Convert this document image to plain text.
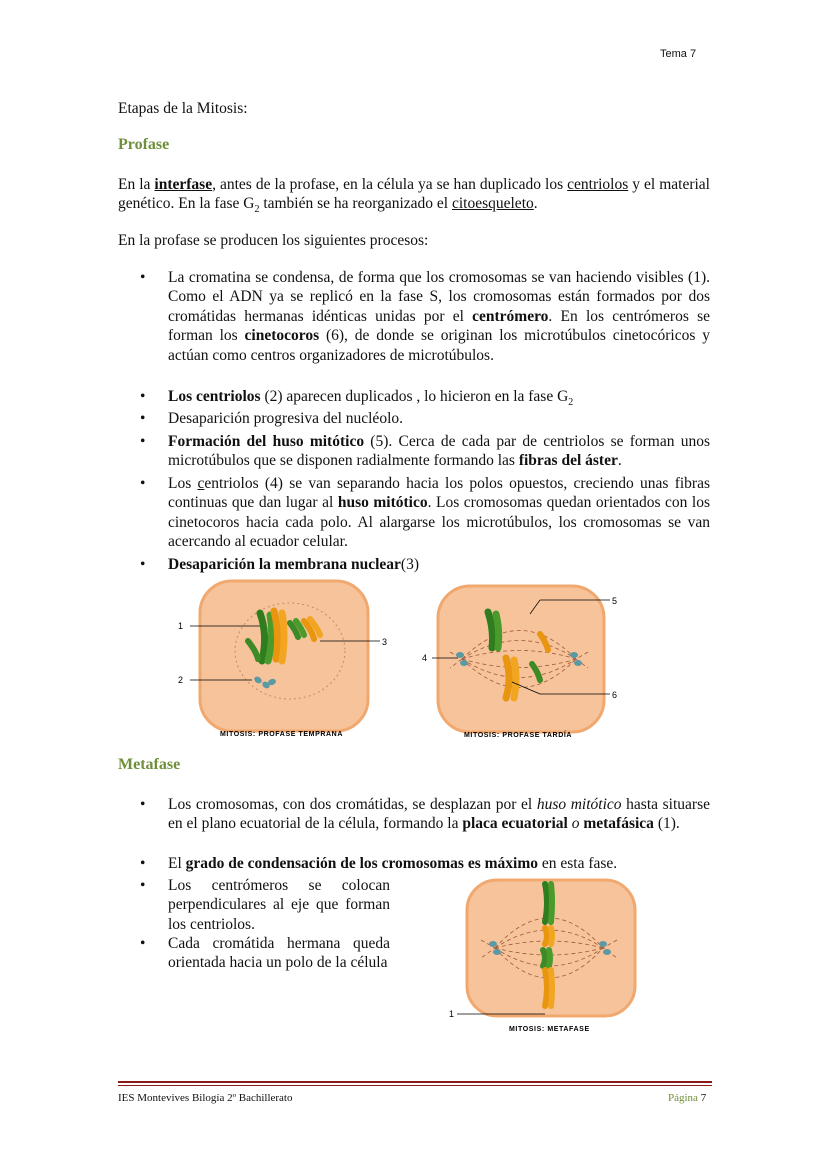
Tema 7
Etapas de la Mitosis:
Profase

En la interfase, antes de la profase, en la célula ya se han duplicado los centriolos y el material genético. En la fase $G_2$ también se ha reorganizado el citoesqueleto.

En la profase se producen los siguientes procesos:

• La cromatina se condensa, de forma que los cromosomas se van haciendo visibles (1). Como el ADN ya se replicó en la fase S, los cromosomas están formados por dos cromátidas hermanas idénticas unidas por el centrómero. En los centrómeros se forman los cinetocoros (6), de donde se originan los microtúbulos cinetocóricos y actúan como centros organizadores de microtúbulos.
• Los centriolos (2) aparecen duplicados , lo hicieron en la fase $G_2$
• Desaparición progresiva del nucléolo.
• Formación del huso mitótico (5). Cerca de cada par de centriolos se forman unos microtúbulos que se disponen radialmente formando las fibras del áster.
• Los centriolos (4) se van separando hacia los polos opuestos, creciendo unas fibras continuas que dan lugar al huso mitótico. Los cromosomas quedan orientados con los cinetocoros hacia cada polo. Al alargarse los microtúbulos, los cromosomas se van acercando al ecuador celular.
• Desaparición la membrana nuclear(3)
1
2
3
MITOSIS: PROFASE TEMPRANA
4
5
6
MITOSIS: PROFASE TARDÍA
Metafase
• Los cromosomas, con dos cromátidas, se desplazan por el huso mitótico hasta situarse en el plano ecuatorial de la célula, formando la placa ecuatorial o metafásica (1).
• El grado de condensación de los cromosomas es máximo en esta fase.
• Los centrómeros se colocan perpendiculares al eje que forman los centriolos.
• Cada cromátida hermana queda orientada hacia un polo de la célula
1
MITOSIS: METAFASE
IES Montevives Bilogía 2º Bachillerato	Página 7
